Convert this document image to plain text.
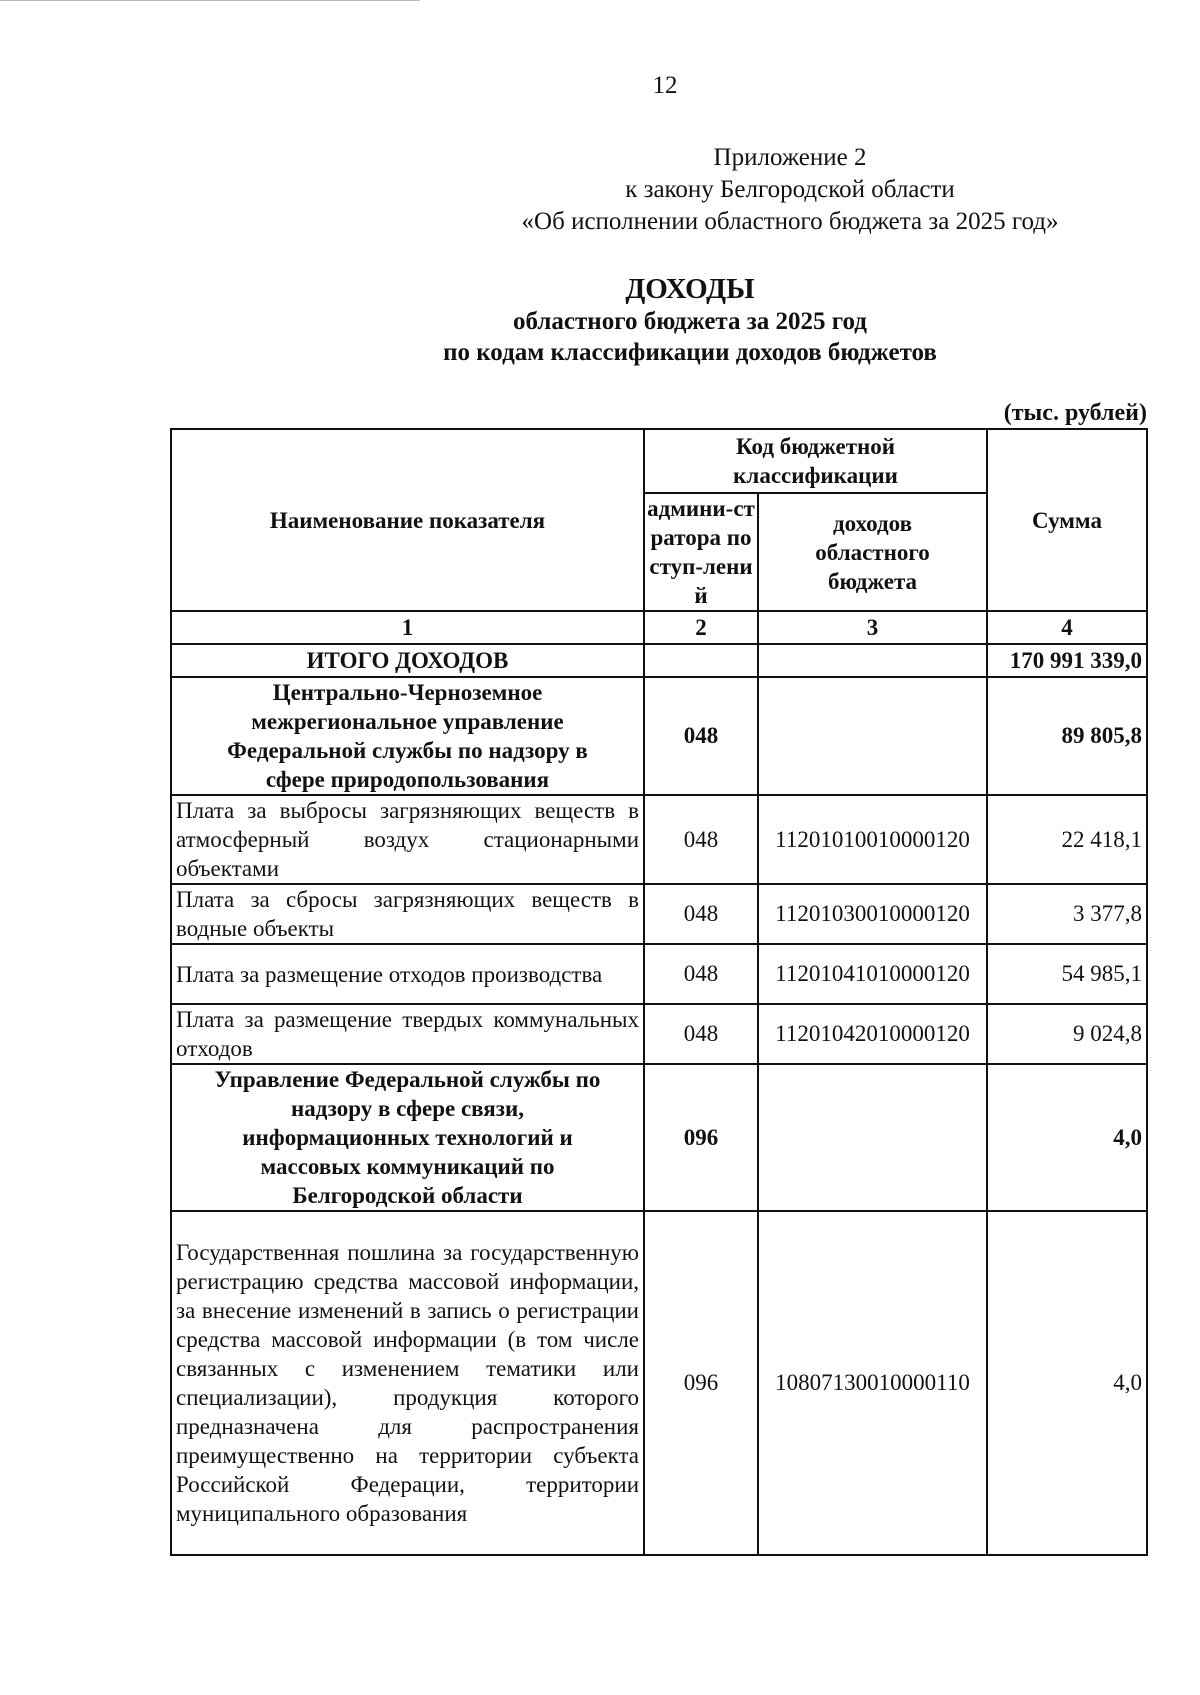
12
Приложение 2
к закону Белгородской области
«Об исполнении областного бюджета за 2025 год»
ДОХОДЫ
областного бюджета за 2025 год
по кодам классификации доходов бюджетов
(тыс. рублей)
Наименование показателя	Код бюджетной классификации		Сумма
	админи-стратора поступ-лений	доходов областного бюджета	
1	2	3	4
ИТОГО ДОХОДОВ			170 991 339,0
Центрально-Черноземное межрегиональное управление Федеральной службы по надзору в сфере природопользования	048		89 805,8
Плата за выбросы загрязняющих веществ в атмосферный воздух стационарными объектами	048	11201010010000120	22 418,1
Плата за сбросы загрязняющих веществ в водные объекты	048	11201030010000120	3 377,8
Плата за размещение отходов производства	048	11201041010000120	54 985,1
Плата за размещение твердых коммунальных отходов	048	11201042010000120	9 024,8
Управление Федеральной службы по надзору в сфере связи, информационных технологий и массовых коммуникаций по Белгородской области	096		4,0
Государственная пошлина за государственную регистрацию средства массовой информации, за внесение изменений в запись о регистрации средства массовой информации (в том числе связанных с изменением тематики или специализации), продукция которого предназначена для распространения преимущественно на территории субъекта Российской Федерации, территории муниципального образования	096	10807130010000110	4,0
